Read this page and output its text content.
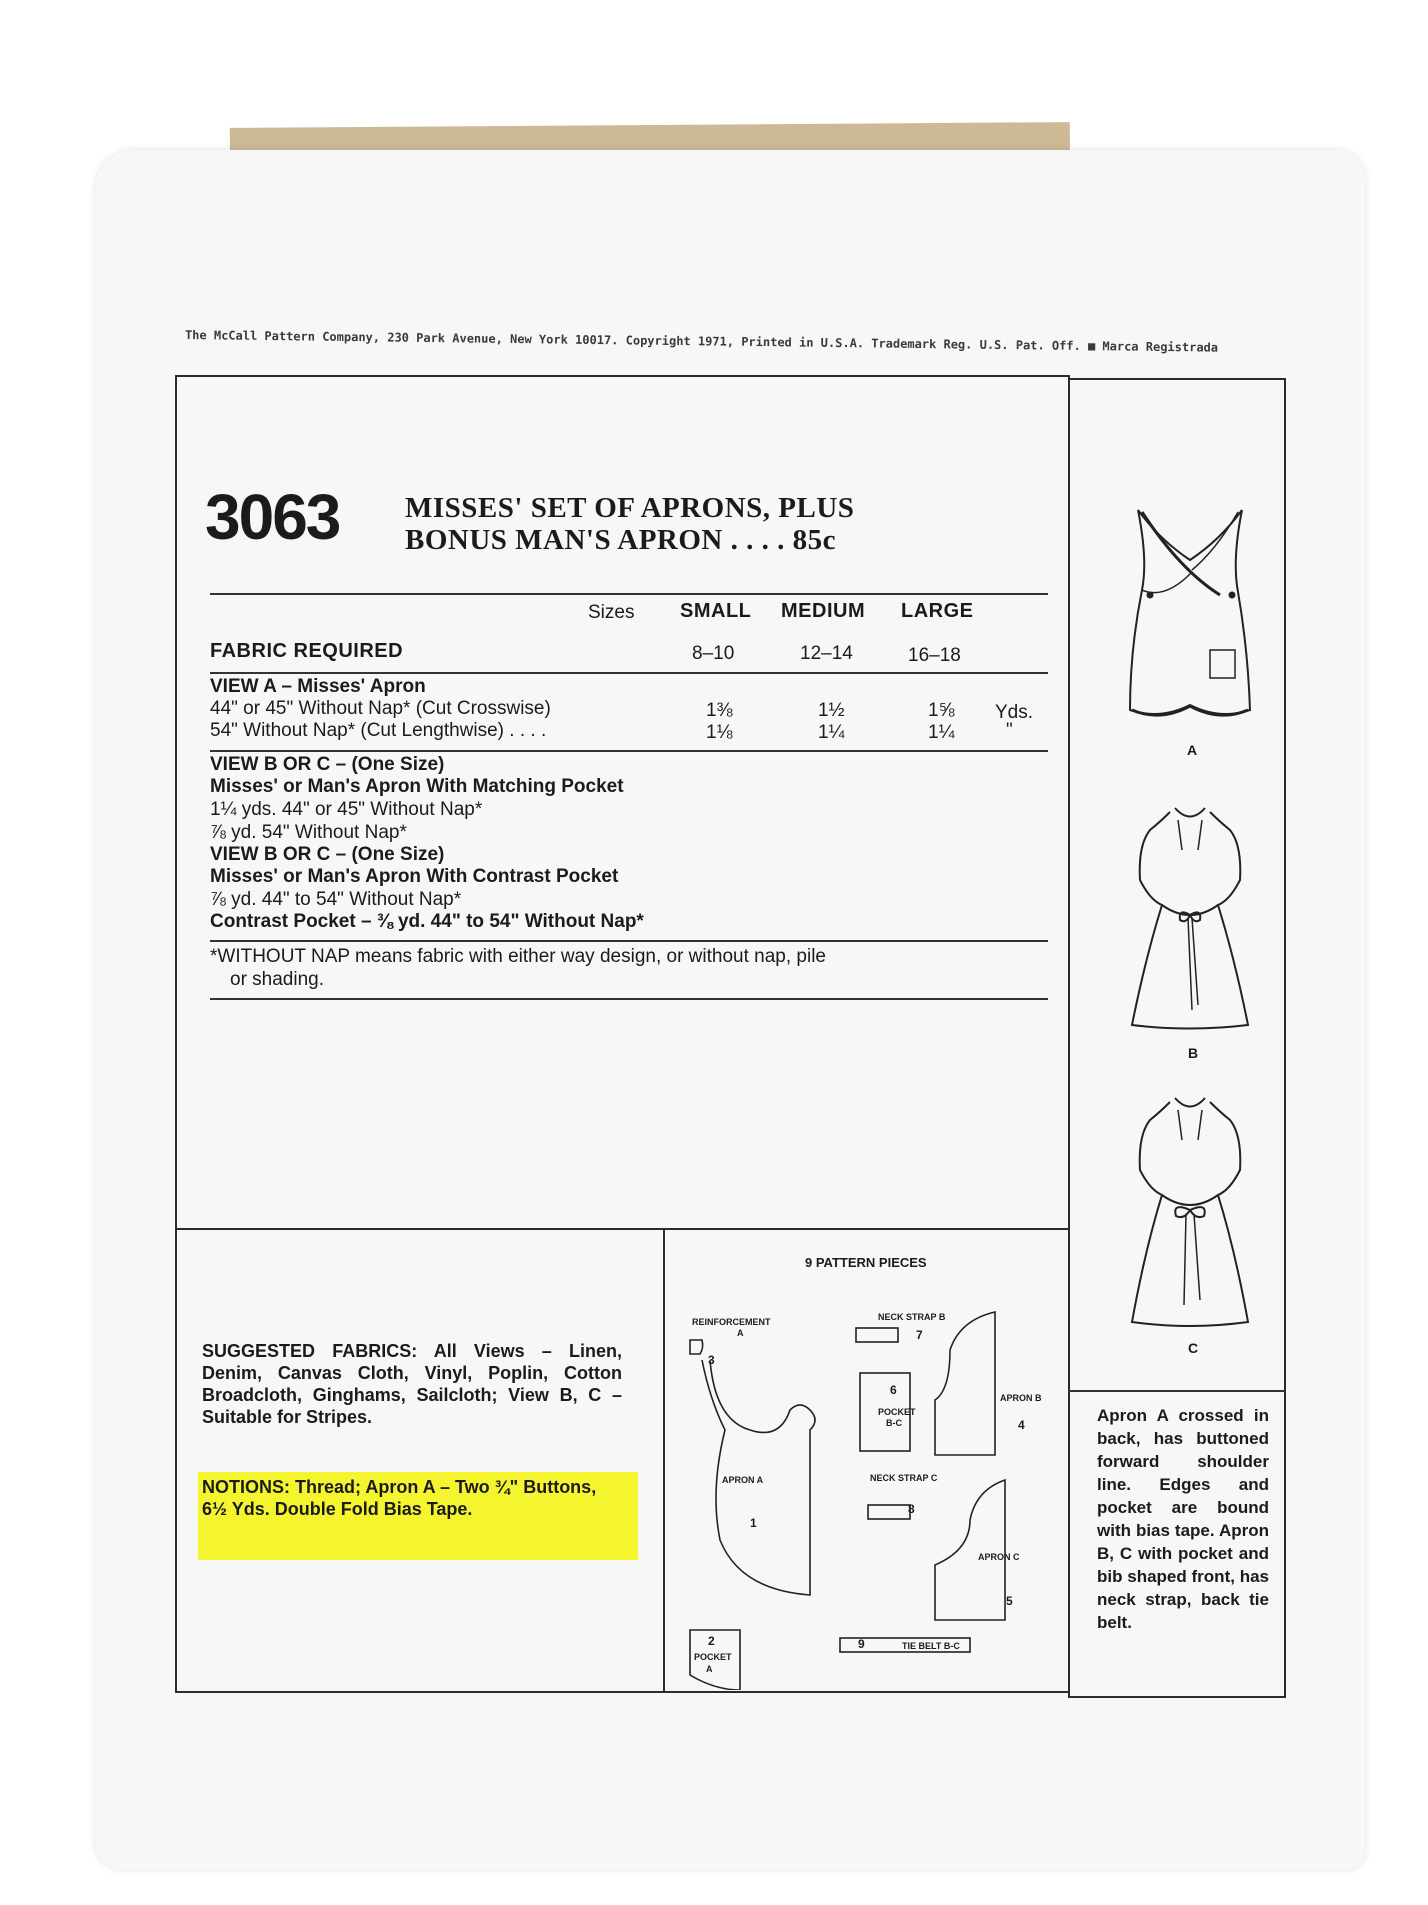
The McCall Pattern Company, 230 Park Avenue, New York 10017. Copyright 1971, Printed in U.S.A. Trademark Reg. U.S. Pat. Off. ■ Marca Registrada
3063 MISSES' SET OF APRONS, PLUS
BONUS MAN'S APRON . . . . 85c
Sizes SMALL MEDIUM LARGE
FABRIC REQUIRED	8–10	12–14	16–18
VIEW A – Misses' Apron
44" or 45" Without Nap* (Cut Crosswise)	1⅜	1½	1⅝ Yds.
54" Without Nap* (Cut Lengthwise) . . . .	1⅛	1¼	1¼	"
VIEW B OR C – (One Size)
Misses' or Man's Apron With Matching Pocket
1¼ yds. 44" or 45" Without Nap*
⅞ yd. 54" Without Nap*
VIEW B OR C – (One Size)
Misses' or Man's Apron With Contrast Pocket
⅞ yd. 44" to 54" Without Nap*
Contrast Pocket – ⅜ yd. 44" to 54" Without Nap*
*WITHOUT NAP means fabric with either way design, or without nap, pile
or shading.
A
B
C
Apron A crossed in back, has buttoned forward shoulder line. Edges and pocket are bound with bias tape. Apron B, C with pocket and bib shaped front, has neck strap, back tie belt.
SUGGESTED FABRICS: All Views – Linen, Denim, Canvas Cloth, Vinyl, Poplin, Cotton Broadcloth, Ginghams, Sailcloth; View B, C – Suitable for Stripes.
NOTIONS: Thread; Apron A – Two ¾" Buttons, 6½ Yds. Double Fold Bias Tape.
9 PATTERN PIECES
REINFORCEMENT
A
3
NECK STRAP B
7
6
POCKET
B-C
APRON B
4
APRON A
1
NECK STRAP C
8
APRON C
5
2
POCKET
A
9	TIE BELT B-C
